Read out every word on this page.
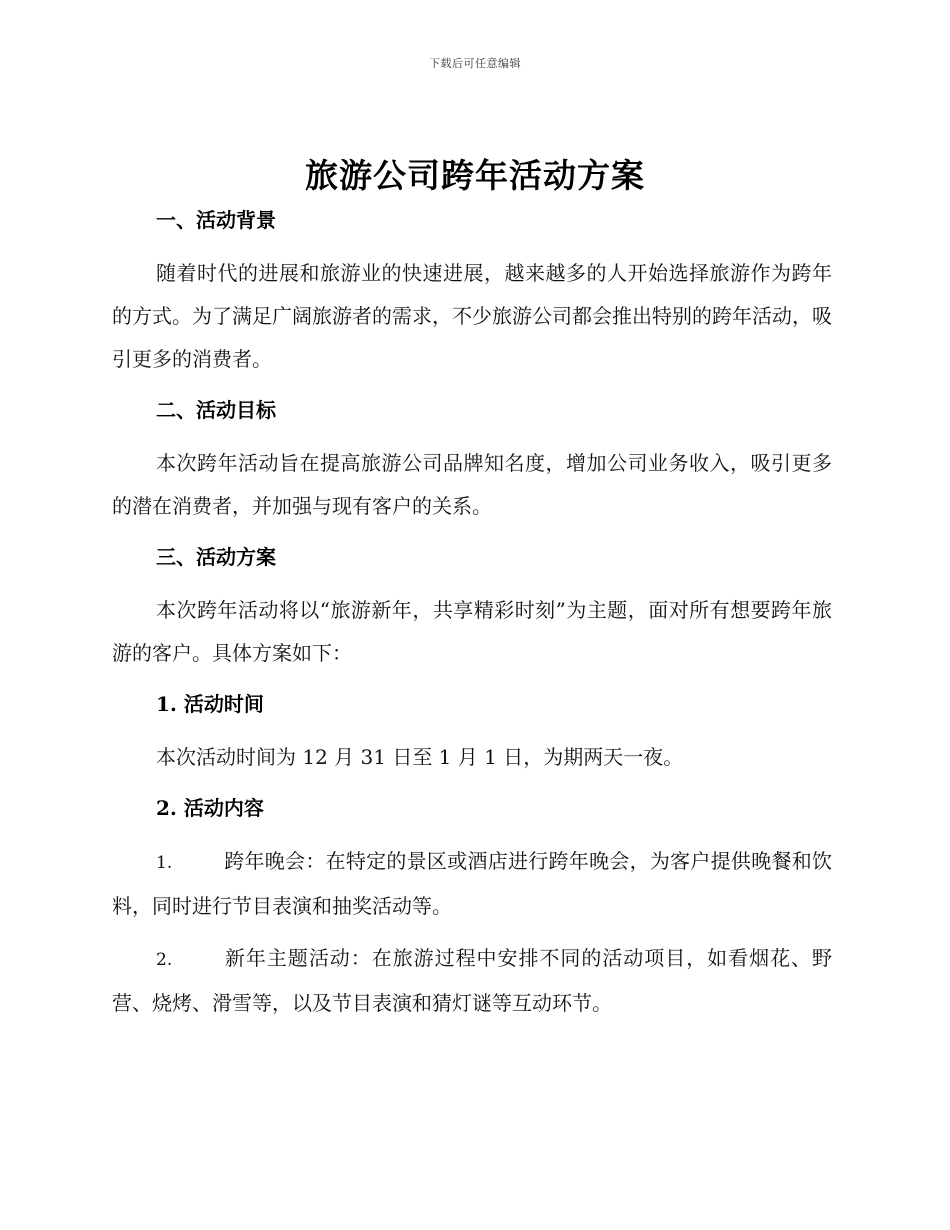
下载后可任意编辑
旅游公司跨年活动方案
一、活动背景
随着时代的进展和旅游业的快速进展，越来越多的人开始选择旅游作为跨年的方式。为了满足广阔旅游者的需求，不少旅游公司都会推出特别的跨年活动，吸引更多的消费者。
二、活动目标
本次跨年活动旨在提高旅游公司品牌知名度，增加公司业务收入，吸引更多的潜在消费者，并加强与现有客户的关系。
三、活动方案
本次跨年活动将以“旅游新年，共享精彩时刻”为主题，面对所有想要跨年旅游的客户。具体方案如下：
1. 活动时间
本次活动时间为 12 月 31 日至 1 月 1 日，为期两天一夜。
2. 活动内容
1.	跨年晚会：在特定的景区或酒店进行跨年晚会，为客户提供晚餐和饮料，同时进行节目表演和抽奖活动等。
2.	新年主题活动：在旅游过程中安排不同的活动项目，如看烟花、野营、烧烤、滑雪等，以及节目表演和猜灯谜等互动环节。
